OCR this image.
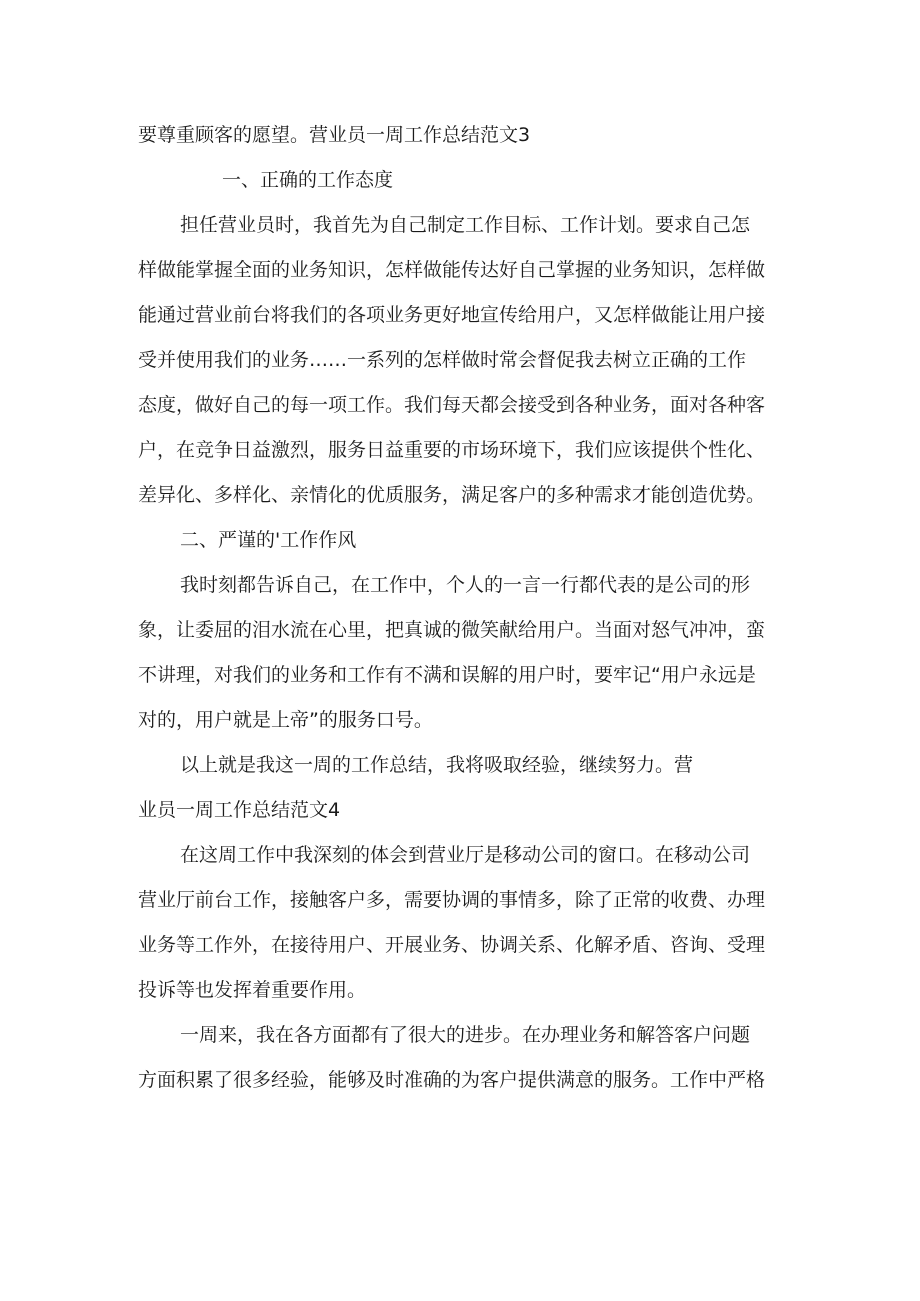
要尊重顾客的愿望。营业员一周工作总结范文3
一、正确的工作态度
担任营业员时，我首先为自己制定工作目标、工作计划。要求自己怎
样做能掌握全面的业务知识，怎样做能传达好自己掌握的业务知识，怎样做
能通过营业前台将我们的各项业务更好地宣传给用户，又怎样做能让用户接
受并使用我们的业务……一系列的怎样做时常会督促我去树立正确的工作
态度，做好自己的每一项工作。我们每天都会接受到各种业务，面对各种客
户，在竞争日益激烈，服务日益重要的市场环境下，我们应该提供个性化、
差异化、多样化、亲情化的优质服务，满足客户的多种需求才能创造优势。
二、严谨的'工作作风
我时刻都告诉自己，在工作中，个人的一言一行都代表的是公司的形
象，让委屈的泪水流在心里，把真诚的微笑献给用户。当面对怒气冲冲，蛮
不讲理，对我们的业务和工作有不满和误解的用户时，要牢记“用户永远是
对的，用户就是上帝”的服务口号。
以上就是我这一周的工作总结，我将吸取经验，继续努力。营
业员一周工作总结范文4
在这周工作中我深刻的体会到营业厅是移动公司的窗口。在移动公司
营业厅前台工作，接触客户多，需要协调的事情多，除了正常的收费、办理
业务等工作外，在接待用户、开展业务、协调关系、化解矛盾、咨询、受理
投诉等也发挥着重要作用。
一周来，我在各方面都有了很大的进步。在办理业务和解答客户问题
方面积累了很多经验，能够及时准确的为客户提供满意的服务。工作中严格
